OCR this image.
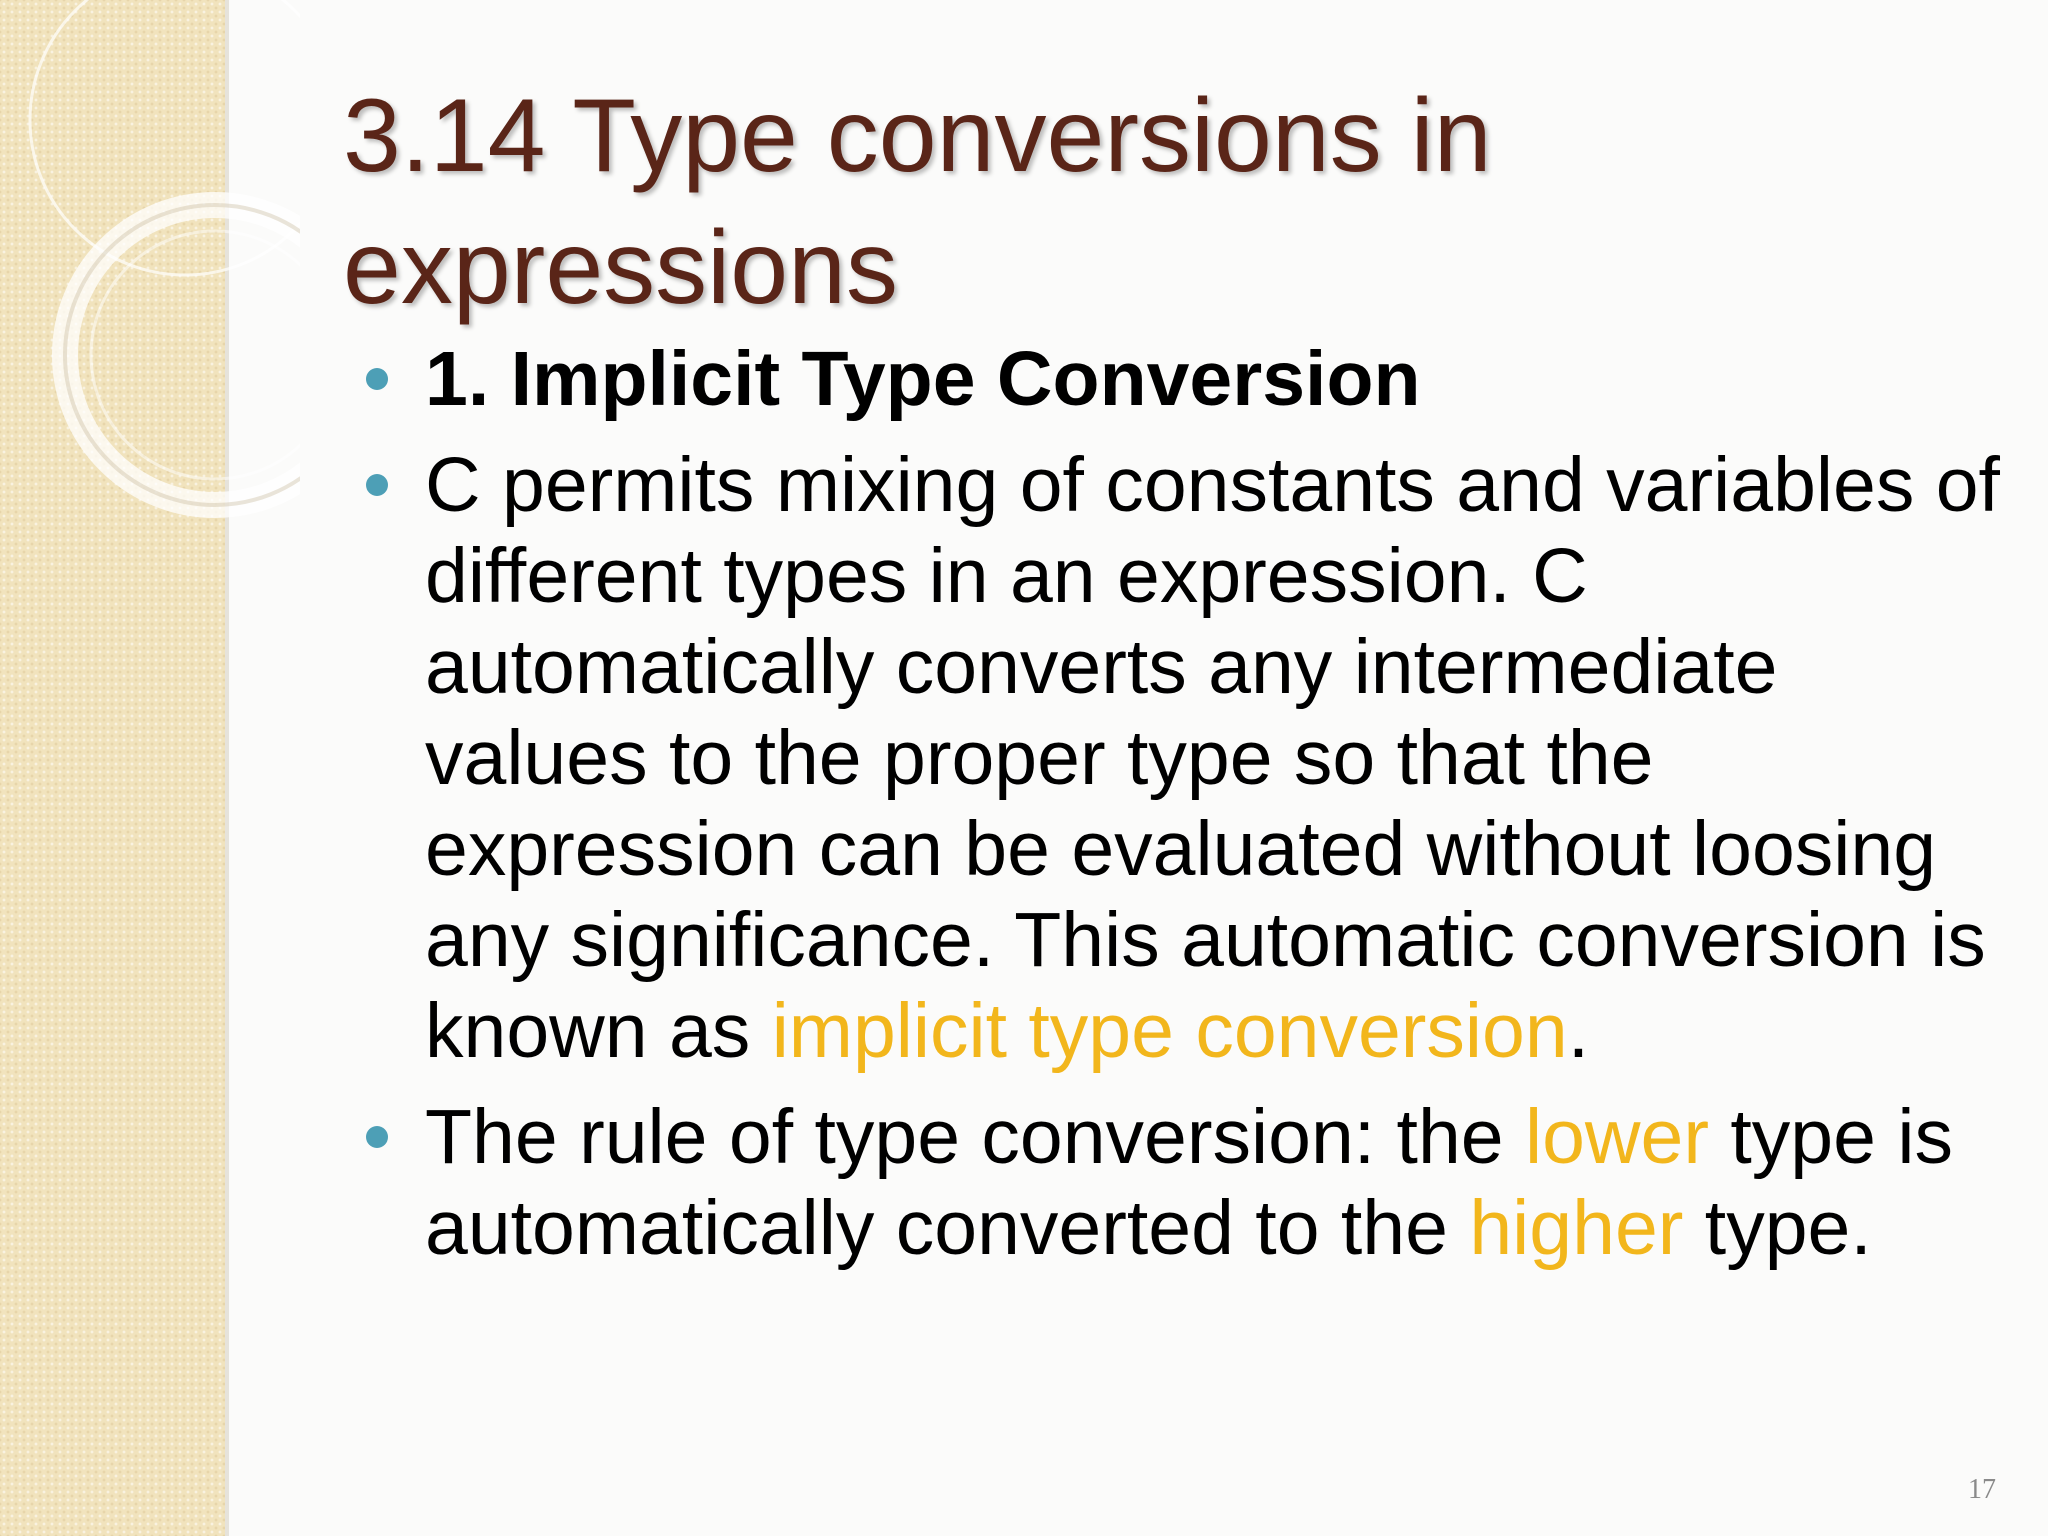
3.14 Type conversions in expressions
1. Implicit Type Conversion
C permits mixing of constants and variables of different types in an expression. C automatically converts any intermediate values to the proper type so that the expression can be evaluated without loosing any significance. This automatic conversion is known as implicit type conversion.
The rule of type conversion: the lower type is automatically converted to the higher type.
17
